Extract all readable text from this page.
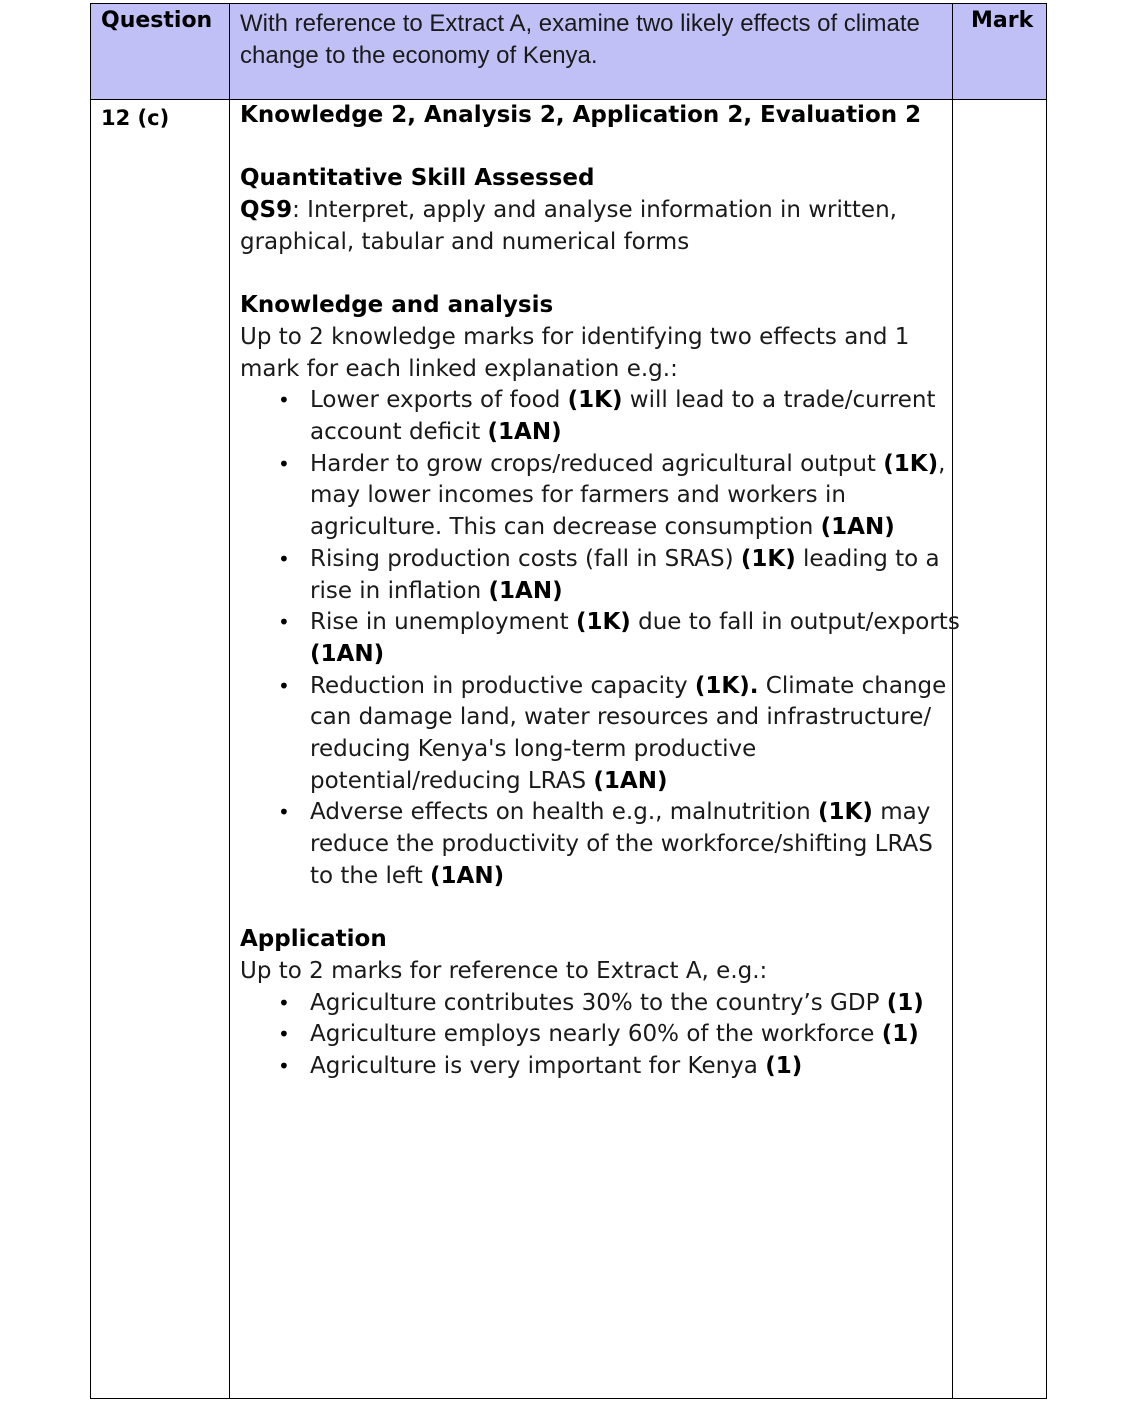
Question With reference to Extract A, examine two likely effects of climate change to the economy of Kenya.
Mark
12 (c)	Knowledge 2, Analysis 2, Application 2, Evaluation 2

Quantitative Skill Assessed

QS9: Interpret, apply and analyse information in written, graphical, tabular and numerical forms

Knowledge and analysis

Up to 2 knowledge marks for identifying two effects and 1 mark for each linked explanation e.g.:

• Lower exports of food (1K) will lead to a trade/current account deficit (1AN)
• Harder to grow crops/reduced agricultural output (1K), may lower incomes for farmers and workers in agriculture. This can decrease consumption (1AN)
• Rising production costs (fall in SRAS) (1K) leading to a rise in inflation (1AN)
• Rise in unemployment (1K) due to fall in output/exports (1AN)
• Reduction in productive capacity (1K). Climate change can damage land, water resources and infrastructure/ reducing Kenya's long-term productive potential/reducing LRAS (1AN)
• Adverse effects on health e.g., malnutrition (1K) may reduce the productivity of the workforce/shifting LRAS to the left (1AN)

Application

Up to 2 marks for reference to Extract A, e.g.:

• Agriculture contributes 30% to the country’s GDP (1)
• Agriculture employs nearly 60% of the workforce (1)
• Agriculture is very important for Kenya (1)
